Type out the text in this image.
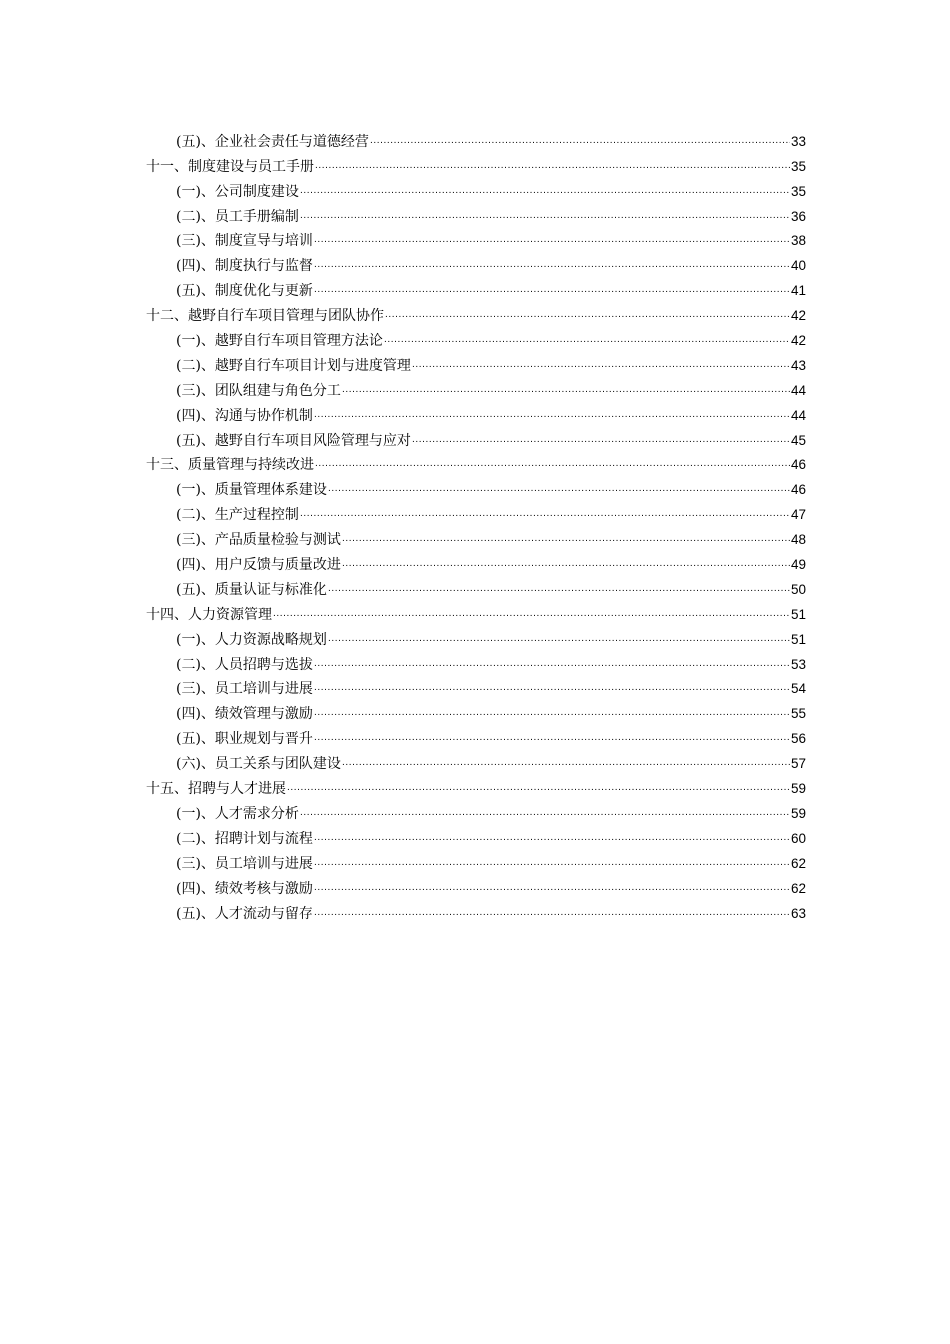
(五)、企业社会责任与道德经营 .....	33
十一、制度建设与员工手册 .....	35
(一)、公司制度建设 .....	35
(二)、员工手册编制 .....	36
(三)、制度宣导与培训 .....	38
(四)、制度执行与监督 .....	40
(五)、制度优化与更新 .....	41
十二、越野自行车项目管理与团队协作 .....	42
(一)、越野自行车项目管理方法论 .....	42
(二)、越野自行车项目计划与进度管理 .....	43
(三)、团队组建与角色分工 .....	44
(四)、沟通与协作机制 .....	44
(五)、越野自行车项目风险管理与应对 .....	45
十三、质量管理与持续改进 .....	46
(一)、质量管理体系建设 .....	46
(二)、生产过程控制 .....	47
(三)、产品质量检验与测试 .....	48
(四)、用户反馈与质量改进 .....	49
(五)、质量认证与标准化 .....	50
十四、人力资源管理 .....	51
(一)、人力资源战略规划 .....	51
(二)、人员招聘与选拔 .....	53
(三)、员工培训与进展 .....	54
(四)、绩效管理与激励 .....	55
(五)、职业规划与晋升 .....	56
(六)、员工关系与团队建设 .....	57
十五、招聘与人才进展 .....	59
(一)、人才需求分析 .....	59
(二)、招聘计划与流程 .....	60
(三)、员工培训与进展 .....	62
(四)、绩效考核与激励 .....	62
(五)、人才流动与留存 .....	63
